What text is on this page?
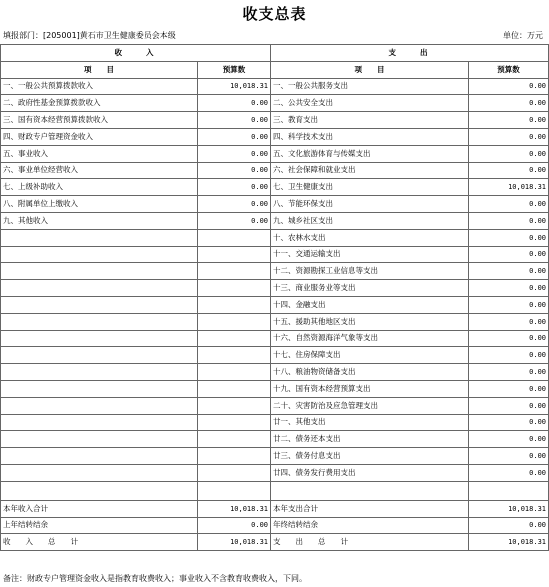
收支总表
填报部门：[205001]黄石市卫生健康委员会本级	单位：万元
收　　入		支　　出	
项　　目	预算数	项　　目	预算数
一、一般公共预算拨款收入	10,018.31	一、一般公共服务支出	0.00
二、政府性基金预算拨款收入	0.00	二、公共安全支出	0.00
三、国有资本经营预算拨款收入	0.00	三、教育支出	0.00
四、财政专户管理资金收入	0.00	四、科学技术支出	0.00
五、事业收入	0.00	五、文化旅游体育与传媒支出	0.00
六、事业单位经营收入	0.00	六、社会保障和就业支出	0.00
七、上级补助收入	0.00	七、卫生健康支出	10,018.31
八、附属单位上缴收入	0.00	八、节能环保支出	0.00
九、其他收入	0.00	九、城乡社区支出	0.00
		十、农林水支出	0.00
		十一、交通运输支出	0.00
		十二、资源勘探工业信息等支出	0.00
		十三、商业服务业等支出	0.00
		十四、金融支出	0.00
		十五、援助其他地区支出	0.00
		十六、自然资源海洋气象等支出	0.00
		十七、住房保障支出	0.00
		十八、粮油物资储备支出	0.00
		十九、国有资本经营预算支出	0.00
		二十、灾害防治及应急管理支出	0.00
		廿一、其他支出	0.00
		廿二、债务还本支出	0.00
		廿三、债务付息支出	0.00
		廿四、债务发行费用支出	0.00

本年收入合计	10,018.31	本年支出合计	10,018.31
上年结转结余	0.00	年终结转结余	0.00
收　　入　　总　　计	10,018.31	支　　出　　总　　计	10,018.31
备注：财政专户管理资金收入是指教育收费收入；事业收入不含教育收费收入，下同。
